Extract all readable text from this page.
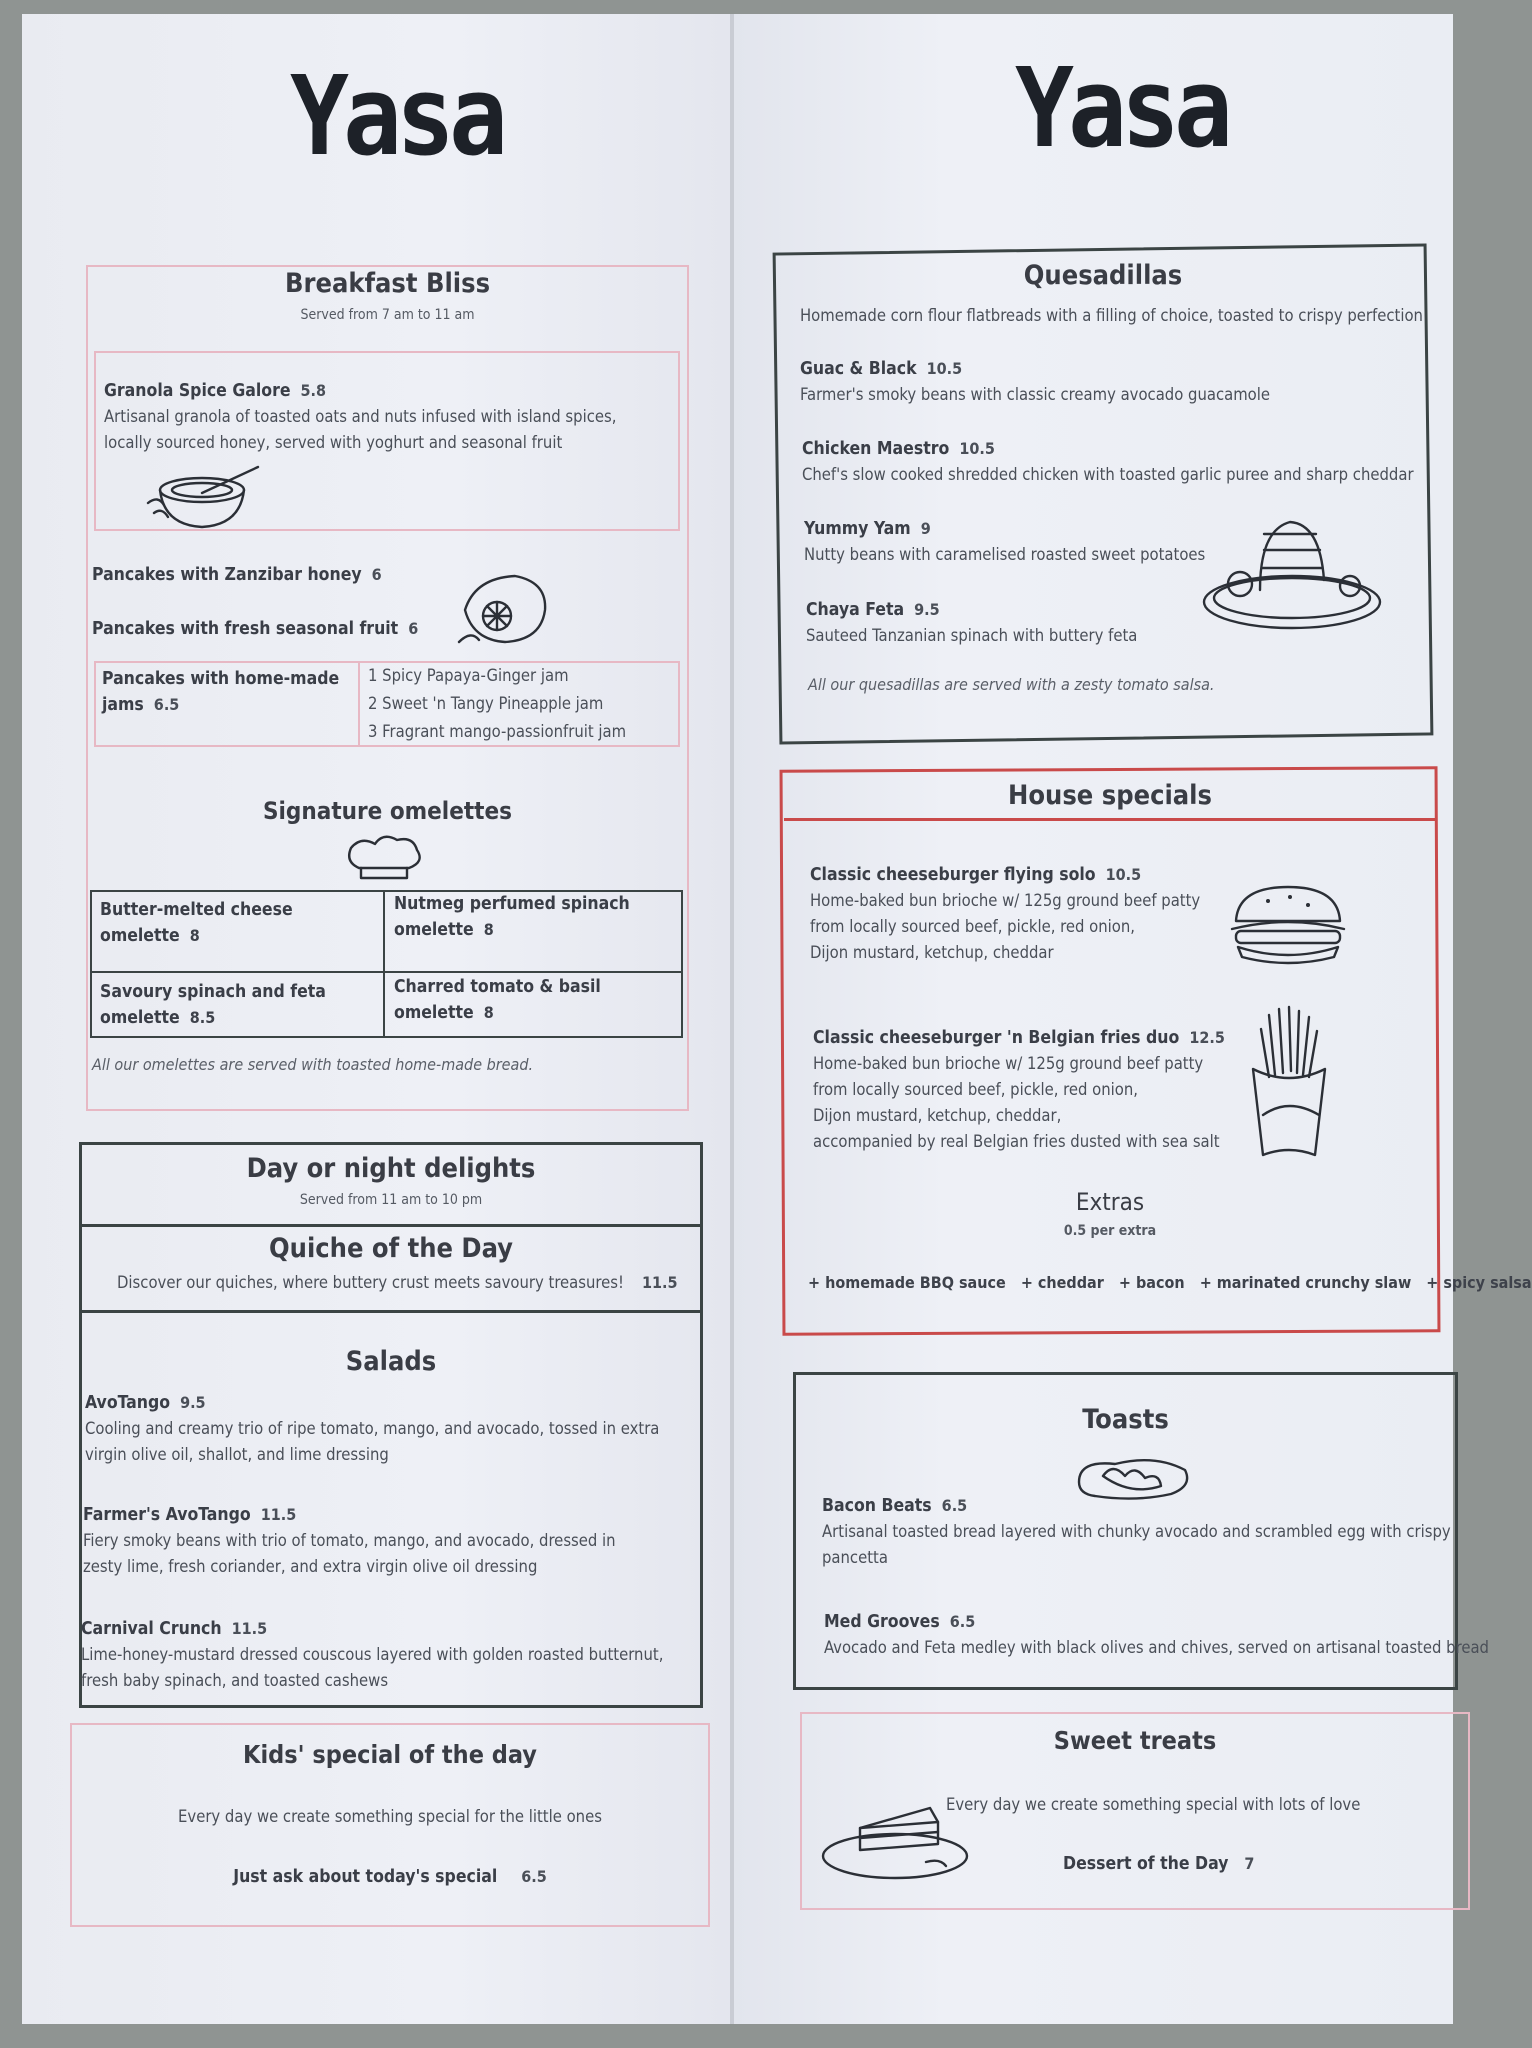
Yasa	Yasa
Breakfast Bliss
Served from 7 am to 11 am
Granola Spice Galore 5.8
Artisanal granola of toasted oats and nuts infused with island spices,
locally sourced honey, served with yoghurt and seasonal fruit
Pancakes with Zanzibar honey 6
Pancakes with fresh seasonal fruit 6
Pancakes with home-made
jams 6.5
1 Spicy Papaya-Ginger jam
2 Sweet 'n Tangy Pineapple jam
3 Fragrant mango-passionfruit jam
Signature omelettes
Butter-melted cheese
omelette 8
Nutmeg perfumed spinach
omelette 8
Savoury spinach and feta
omelette 8.5
Charred tomato & basil
omelette 8
All our omelettes are served with toasted home-made bread.
Day or night delights
Served from 11 am to 10 pm
Quiche of the Day
Discover our quiches, where buttery crust meets savoury treasures! 11.5
Salads
AvoTango 9.5
Cooling and creamy trio of ripe tomato, mango, and avocado, tossed in extra
virgin olive oil, shallot, and lime dressing
Farmer's AvoTango 11.5
Fiery smoky beans with trio of tomato, mango, and avocado, dressed in
zesty lime, fresh coriander, and extra virgin olive oil dressing
Carnival Crunch 11.5
Lime-honey-mustard dressed couscous layered with golden roasted butternut,
fresh baby spinach, and toasted cashews
Kids' special of the day
Every day we create something special for the little ones
Just ask about today's special 6.5
Quesadillas
Homemade corn flour flatbreads with a filling of choice, toasted to crispy perfection
Guac & Black 10.5
Farmer's smoky beans with classic creamy avocado guacamole
Chicken Maestro 10.5
Chef's slow cooked shredded chicken with toasted garlic puree and sharp cheddar
Yummy Yam 9
Nutty beans with caramelised roasted sweet potatoes
Chaya Feta 9.5
Sauteed Tanzanian spinach with buttery feta
All our quesadillas are served with a zesty tomato salsa.
House specials
Classic cheeseburger flying solo 10.5
Home-baked bun brioche w/ 125g ground beef patty
from locally sourced beef, pickle, red onion,
Dijon mustard, ketchup, cheddar
Classic cheeseburger 'n Belgian fries duo 12.5
Home-baked bun brioche w/ 125g ground beef patty
from locally sourced beef, pickle, red onion,
Dijon mustard, ketchup, cheddar,
accompanied by real Belgian fries dusted with sea salt
Extras
0.5 per extra
+ homemade BBQ sauce + cheddar + bacon + marinated crunchy slaw + spicy salsa
Toasts
Bacon Beats 6.5
Artisanal toasted bread layered with chunky avocado and scrambled egg with crispy
pancetta
Med Grooves 6.5
Avocado and Feta medley with black olives and chives, served on artisanal toasted bread
Sweet treats
Every day we create something special with lots of love
Dessert of the Day 7
